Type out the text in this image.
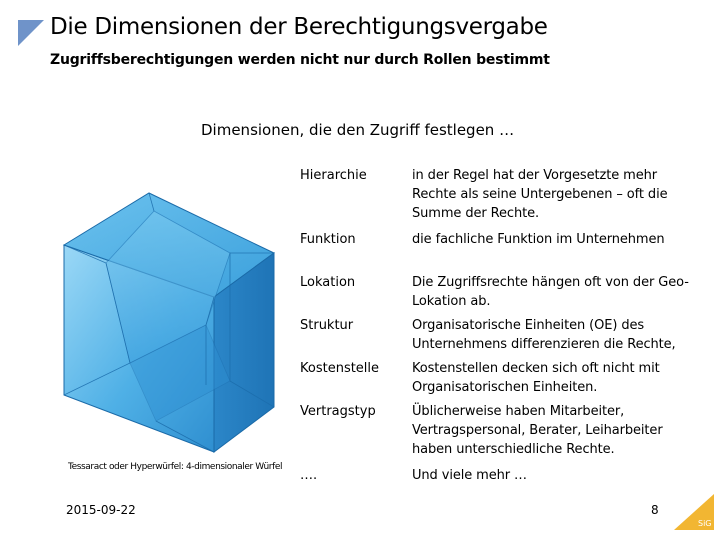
Die Dimensionen der Berechtigungsvergabe
Zugriffsberechtigungen werden nicht nur durch Rollen bestimmt
Dimensionen, die den Zugriff festlegen …
Tessaract oder Hyperwürfel: 4-dimensionaler Würfel
Hierarchie	in der Regel hat der Vorgesetzte mehr Rechte als seine Untergebenen – oft die Summe der Rechte.
Funktion	die fachliche Funktion im Unternehmen
Lokation	Die Zugriffsrechte hängen oft von der Geo-Lokation ab.
Struktur	Organisatorische Einheiten (OE) des Unternehmens differenzieren die Rechte,
Kostenstelle	Kostenstellen decken sich oft nicht mit Organisatorischen Einheiten.
Vertragstyp	Üblicherweise haben Mitarbeiter, Vertragspersonal, Berater, Leiharbeiter haben unterschiedliche Rechte.
….	Und viele mehr …
2015-09-22	8
SiG
